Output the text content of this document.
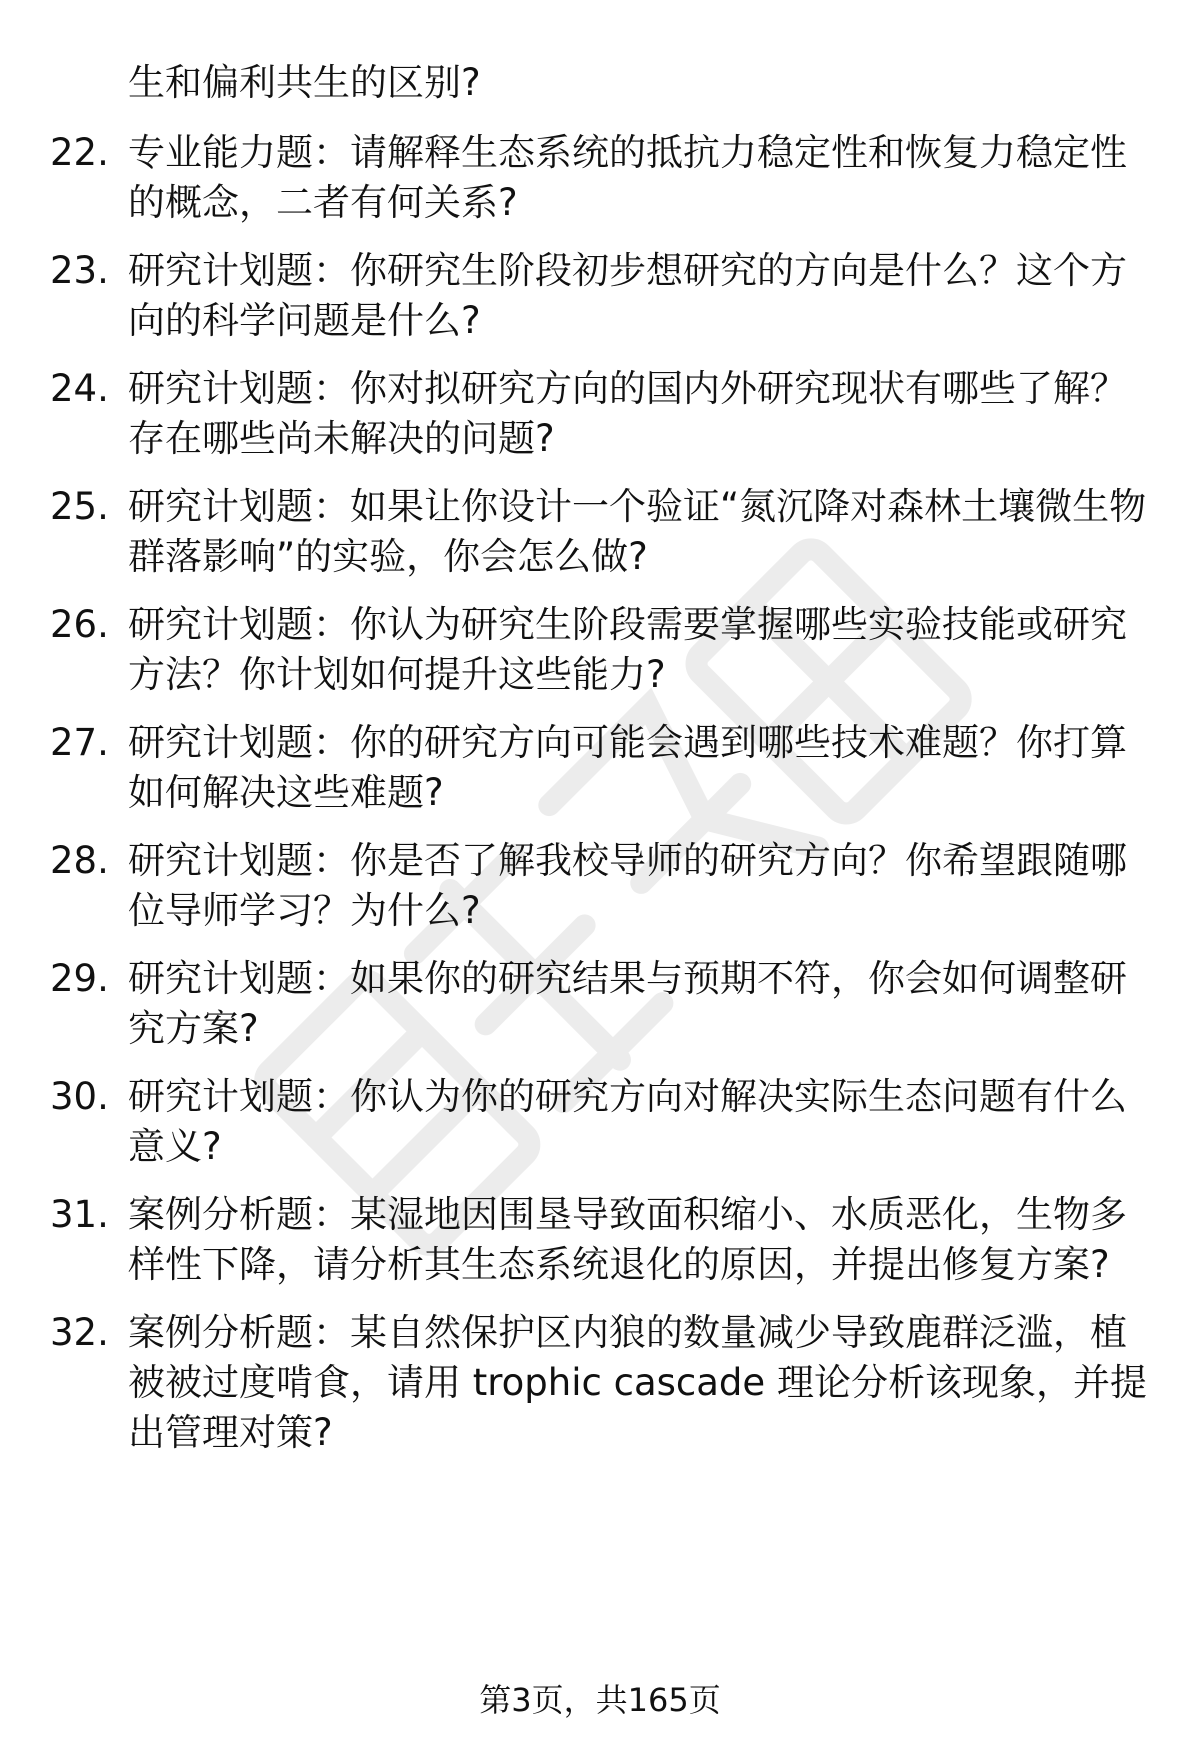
生和偏利共生的区别?
22. 专业能力题：请解释生态系统的抵抗力稳定性和恢复力稳定性的概念，二者有何关系?
23. 研究计划题：你研究生阶段初步想研究的方向是什么？这个方向的科学问题是什么?
24. 研究计划题：你对拟研究方向的国内外研究现状有哪些了解？存在哪些尚未解决的问题?
25. 研究计划题：如果让你设计一个验证“氮沉降对森林土壤微生物群落影响”的实验，你会怎么做?
26. 研究计划题：你认为研究生阶段需要掌握哪些实验技能或研究方法？你计划如何提升这些能力?
27. 研究计划题：你的研究方向可能会遇到哪些技术难题？你打算如何解决这些难题?
28. 研究计划题：你是否了解我校导师的研究方向？你希望跟随哪位导师学习？为什么?
29. 研究计划题：如果你的研究结果与预期不符，你会如何调整研究方案?
30. 研究计划题：你认为你的研究方向对解决实际生态问题有什么意义?
31. 案例分析题：某湿地因围垦导致面积缩小、水质恶化，生物多样性下降，请分析其生态系统退化的原因，并提出修复方案?
32. 案例分析题：某自然保护区内狼的数量减少导致鹿群泛滥，植被被过度啃食，请用 trophic cascade 理论分析该现象，并提出管理对策?
第3页，共165页
